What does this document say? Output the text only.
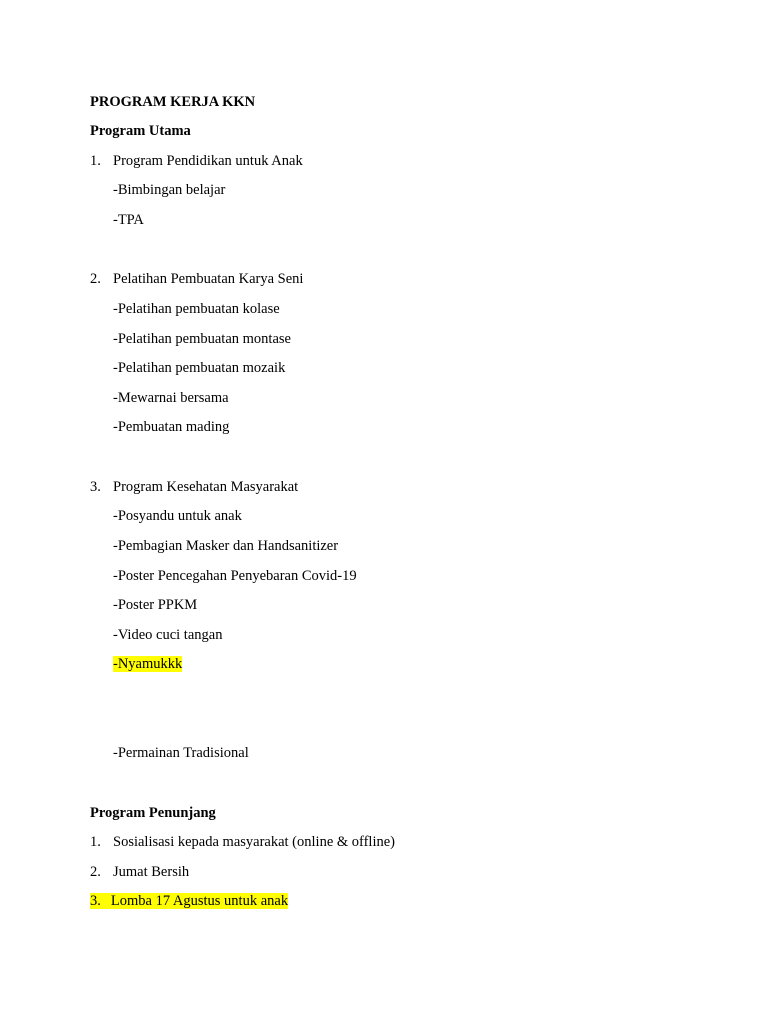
PROGRAM KERJA KKN
Program Utama
1. Program Pendidikan untuk Anak
-Bimbingan belajar
-TPA
2. Pelatihan Pembuatan Karya Seni
-Pelatihan pembuatan kolase
-Pelatihan pembuatan montase
-Pelatihan pembuatan mozaik
-Mewarnai bersama
-Pembuatan mading
3. Program Kesehatan Masyarakat
-Posyandu untuk anak
-Pembagian Masker dan Handsanitizer
-Poster Pencegahan Penyebaran Covid-19
-Poster PPKM
-Video cuci tangan
-Nyamukkk
-Permainan Tradisional
Program Penunjang
1. Sosialisasi kepada masyarakat (online & offline)
2. Jumat Bersih
3. Lomba 17 Agustus untuk anak
